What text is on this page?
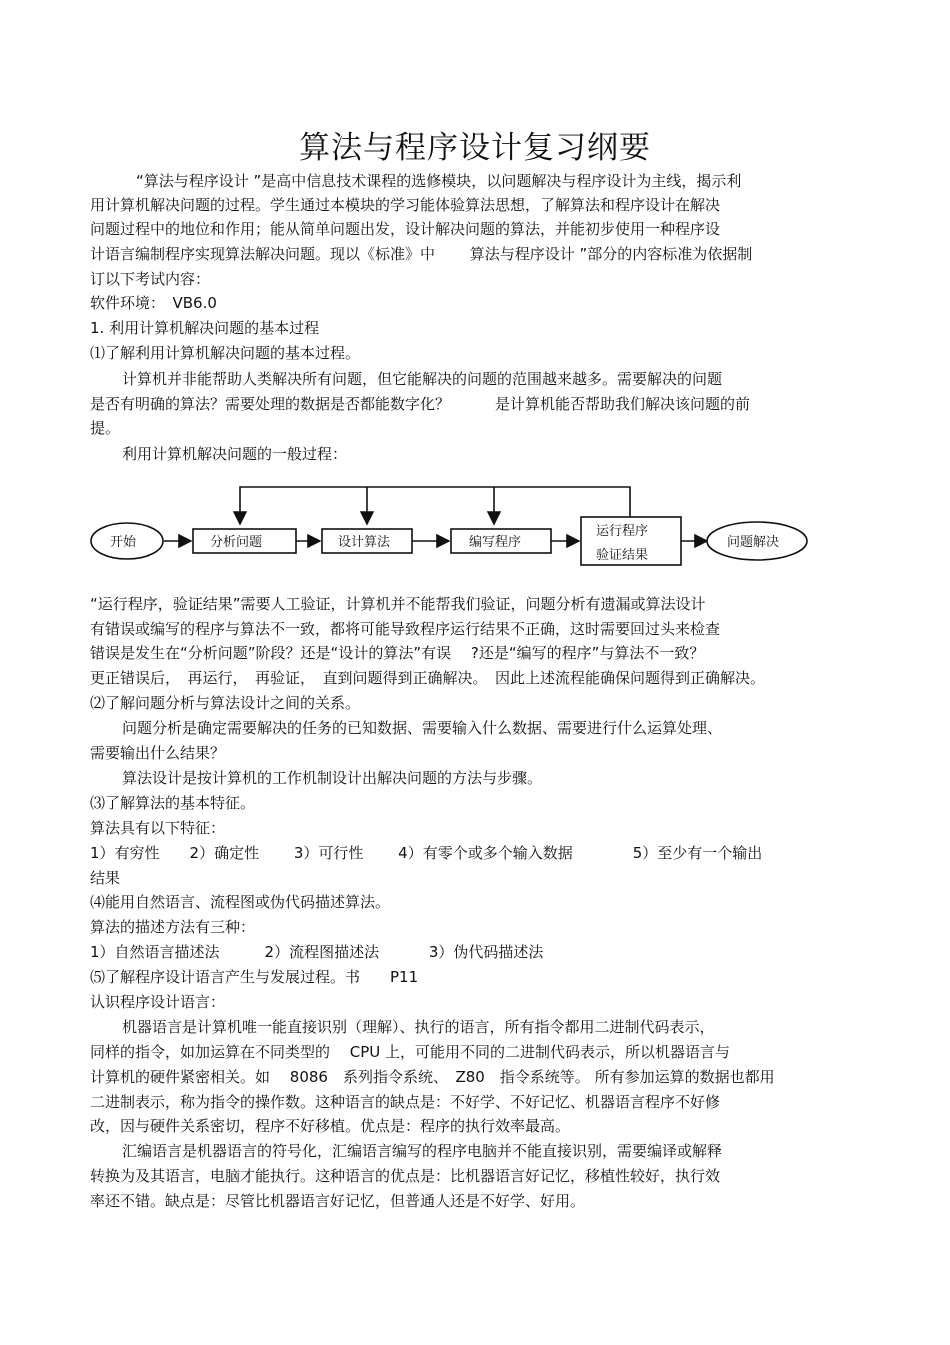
算法与程序设计复习纲要
“算法与程序设计 ”是高中信息技术课程的选修模块，以问题解决与程序设计为主线，揭示利
用计算机解决问题的过程。学生通过本模块的学习能体验算法思想，了解算法和程序设计在解决
问题过程中的地位和作用；能从简单问题出发，设计解决问题的算法，并能初步使用一种程序设
计语言编制程序实现算法解决问题。现以《标准》中　　 算法与程序设计 ”部分的内容标准为依据制
订以下考试内容：
软件环境：　VB6.0
1. 利用计算机解决问题的基本过程
⑴了解利用计算机解决问题的基本过程。
计算机并非能帮助人类解决所有问题，但它能解决的问题的范围越来越多。需要解决的问题
是否有明确的算法？需要处理的数据是否都能数字化？　　　是计算机能否帮助我们解决该问题的前
提。
利用计算机解决问题的一般过程：
开始	分析问题	设计算法	编写程序
运行程序
验证结果
问题解决
“运行程序，验证结果”需要人工验证，计算机并不能帮我们验证，问题分析有遗漏或算法设计
有错误或编写的程序与算法不一致，都将可能导致程序运行结果不正确，这时需要回过头来检查
错误是发生在“分析问题”阶段？还是“设计的算法”有误　 ?还是“编写的程序”与算法不一致？
更正错误后，　再运行，　再验证，　直到问题得到正确解决。　因此上述流程能确保问题得到正确解决。
⑵了解问题分析与算法设计之间的关系。
问题分析是确定需要解决的任务的已知数据、需要输入什么数据、需要进行什么运算处理、
需要输出什么结果？
算法设计是按计算机的工作机制设计出解决问题的方法与步骤。
⑶了解算法的基本特征。
算法具有以下特征：
1）有穷性　　2）确定性　　 3）可行性　　 4）有零个或多个输入数据　　　　5）至少有一个输出
结果
⑷能用自然语言、流程图或伪代码描述算法。
算法的描述方法有三种：
1）自然语言描述法　　　2）流程图描述法　　　 3）伪代码描述法
⑸了解程序设计语言产生与发展过程。书　　P11
认识程序设计语言：
机器语言是计算机唯一能直接识别（理解）、执行的语言，所有指令都用二进制代码表示，
同样的指令，如加运算在不同类型的　 CPU 上，可能用不同的二进制代码表示，所以机器语言与
计算机的硬件紧密相关。如　 8086　系列指令系统、　Z80　指令系统等。 所有参加运算的数据也都用
二进制表示，称为指令的操作数。这种语言的缺点是：不好学、不好记忆、机器语言程序不好修
改，因与硬件关系密切，程序不好移植。优点是：程序的执行效率最高。
汇编语言是机器语言的符号化，汇编语言编写的程序电脑并不能直接识别，需要编译或解释
转换为及其语言，电脑才能执行。这种语言的优点是：比机器语言好记忆，移植性较好，执行效
率还不错。缺点是：尽管比机器语言好记忆，但普通人还是不好学、好用。
